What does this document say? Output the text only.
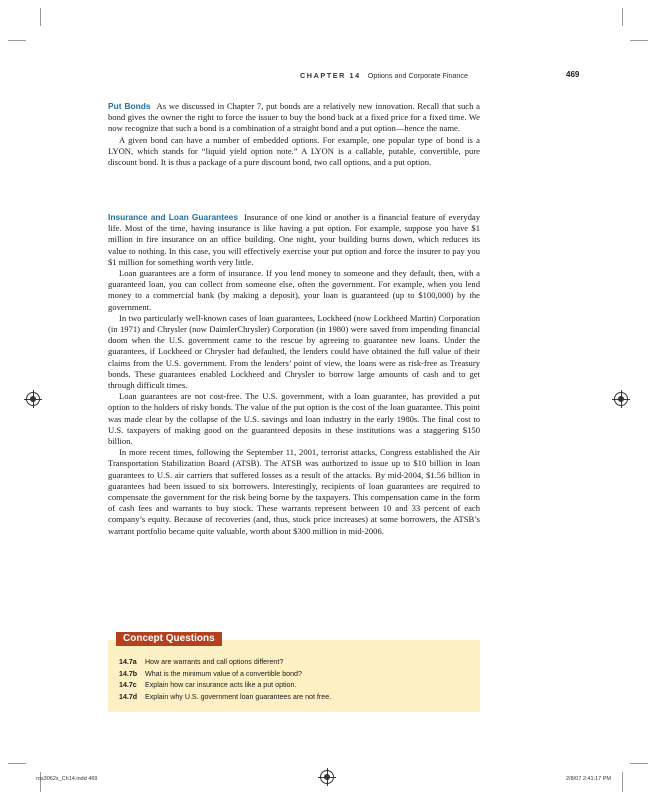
CHAPTER 14 Options and Corporate Finance	469

Put Bonds As we discussed in Chapter 7, put bonds are a relatively new innovation. Recall that such a bond gives the owner the right to force the issuer to buy the bond back at a fixed price for a fixed time. We now recognize that such a bond is a combination of a straight bond and a put option—hence the name.

A given bond can have a number of embedded options. For example, one popular type of bond is a LYON, which stands for “liquid yield option note.” A LYON is a callable, putable, convertible, pure discount bond. It is thus a package of a pure discount bond, two call options, and a put option.

Insurance and Loan Guarantees Insurance of one kind or another is a financial feature of everyday life. Most of the time, having insurance is like having a put option. For example, suppose you have $1 million in fire insurance on an office building. One night, your building burns down, which reduces its value to nothing. In this case, you will effectively exercise your put option and force the insurer to pay you $1 million for something worth very little.

Loan guarantees are a form of insurance. If you lend money to someone and they default, then, with a guaranteed loan, you can collect from someone else, often the government. For example, when you lend money to a commercial bank (by making a deposit), your loan is guaranteed (up to $100,000) by the government.

In two particularly well-known cases of loan guarantees, Lockheed (now Lockheed Martin) Corporation (in 1971) and Chrysler (now DaimlerChrysler) Corporation (in 1980) were saved from impending financial doom when the U.S. government came to the rescue by agreeing to guarantee new loans. Under the guarantees, if Lockheed or Chrysler had defaulted, the lenders could have obtained the full value of their claims from the U.S. government. From the lenders’ point of view, the loans were as risk-free as Treasury bonds. These guarantees enabled Lockheed and Chrysler to borrow large amounts of cash and to get through difficult times.

Loan guarantees are not cost-free. The U.S. government, with a loan guarantee, has provided a put option to the holders of risky bonds. The value of the put option is the cost of the loan guarantee. This point was made clear by the collapse of the U.S. savings and loan industry in the early 1980s. The final cost to U.S. taxpayers of making good on the guaranteed deposits in these institutions was a staggering $150 billion.

In more recent times, following the September 11, 2001, terrorist attacks, Congress established the Air Transportation Stabilization Board (ATSB). The ATSB was authorized to issue up to $10 billion in loan guarantees to U.S. air carriers that suffered losses as a result of the attacks. By mid-2004, $1.56 billion in guarantees had been issued to six borrowers. Interestingly, recipients of loan guarantees are required to compensate the government for the risk being borne by the taxpayers. This compensation came in the form of cash fees and warrants to buy stock. These warrants represent between 10 and 33 percent of each company’s equity. Because of recoveries (and, thus, stock price increases) at some borrowers, the ATSB’s warrant portfolio became quite valuable, worth about $300 million in mid-2006.

Concept Questions
14.7a How are warrants and call options different?
14.7b What is the minimum value of a convertible bond?
14.7c Explain how car insurance acts like a put option.
14.7d Explain why U.S. government loan guarantees are not free.
ros3062x_Ch14.indd 469	2/8/07 2:41:17 PM
